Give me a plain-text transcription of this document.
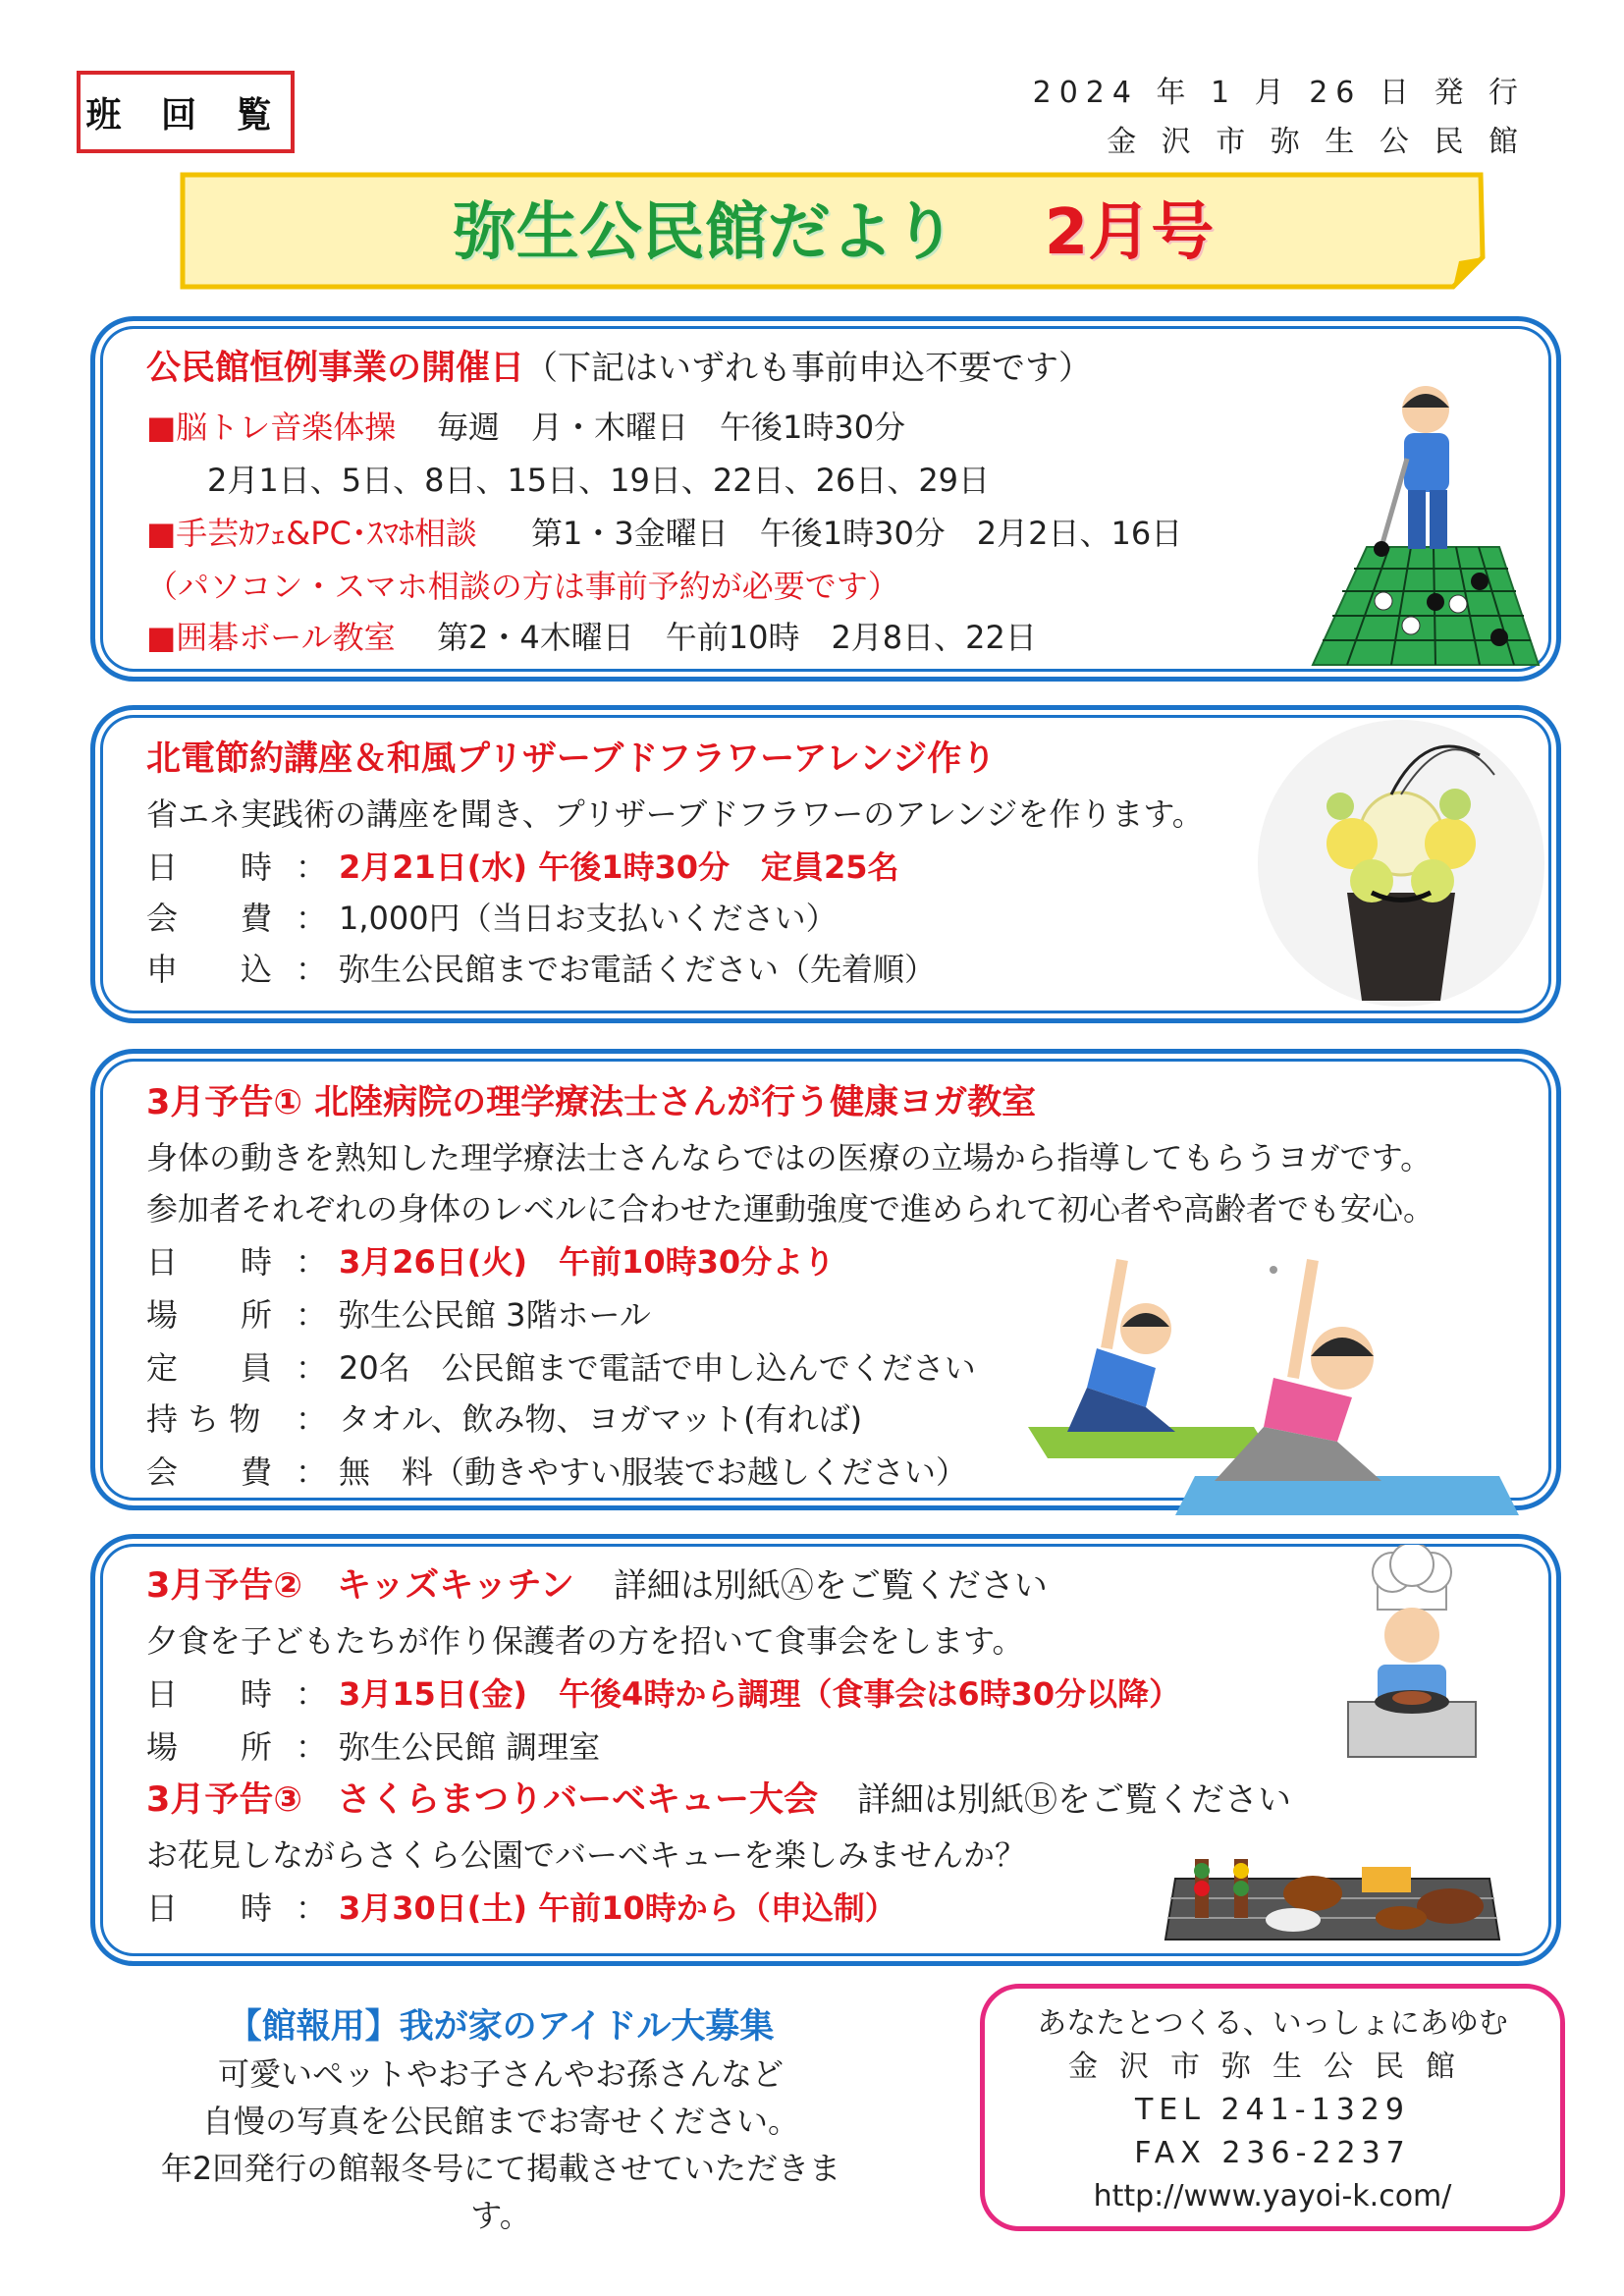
班 回 覧
2024 年 1 月 26 日 発 行
金 沢 市 弥 生 公 民 館
弥生公民館だより 2月号
公民館恒例事業の開催日（下記はいずれも事前申込不要です）
■脳トレ音楽体操 毎週　月・木曜日　午後1時30分
2月1日、5日、8日、15日、19日、22日、26日、29日
■手芸ｶﾌｪ&PC･ｽﾏﾎ相談 第1・3金曜日　午後1時30分　2月2日、16日
（パソコン・スマホ相談の方は事前予約が必要です）
■囲碁ボール教室 第2・4木曜日　午前10時　2月8日、22日
北電節約講座＆和風プリザーブドフラワーアレンジ作り
省エネ実践術の講座を聞き、プリザーブドフラワーのアレンジを作ります。
日　　時 ： 2月21日(水) 午後1時30分　定員25名
会　　費 ： 1,000円（当日お支払いください）
申　　込 ： 弥生公民館までお電話ください（先着順）
3月予告① 北陸病院の理学療法士さんが行う健康ヨガ教室
身体の動きを熟知した理学療法士さんならではの医療の立場から指導してもらうヨガです。
参加者それぞれの身体のレベルに合わせた運動強度で進められて初心者や高齢者でも安心。
日　　時 ： 3月26日(火)　午前10時30分より
場　　所 ： 弥生公民館 3階ホール
定　　員 ： 20名　公民館まで電話で申し込んでください
持 ち 物 ： タオル、飲み物、ヨガマット(有れば)
会　　費 ： 無　料（動きやすい服装でお越しください）
3月予告②　キッズキッチン 詳細は別紙Ⓐをご覧ください
夕食を子どもたちが作り保護者の方を招いて食事会をします。
日　　時 ： 3月15日(金)　午後4時から調理（食事会は6時30分以降）
場　　所 ： 弥生公民館 調理室
3月予告③　さくらまつりバーベキュー大会 詳細は別紙Ⓑをご覧ください
お花見しながらさくら公園でバーベキューを楽しみませんか？
日　　時 ： 3月30日(土) 午前10時から（申込制）
【館報用】我が家のアイドル大募集
可愛いペットやお子さんやお孫さんなど
自慢の写真を公民館までお寄せください。
年2回発行の館報冬号にて掲載させていただきます。
あなたとつくる、いっしょにあゆむ
金沢市弥生公民館
TEL 241-1329
FAX 236-2237
http://www.yayoi-k.com/
